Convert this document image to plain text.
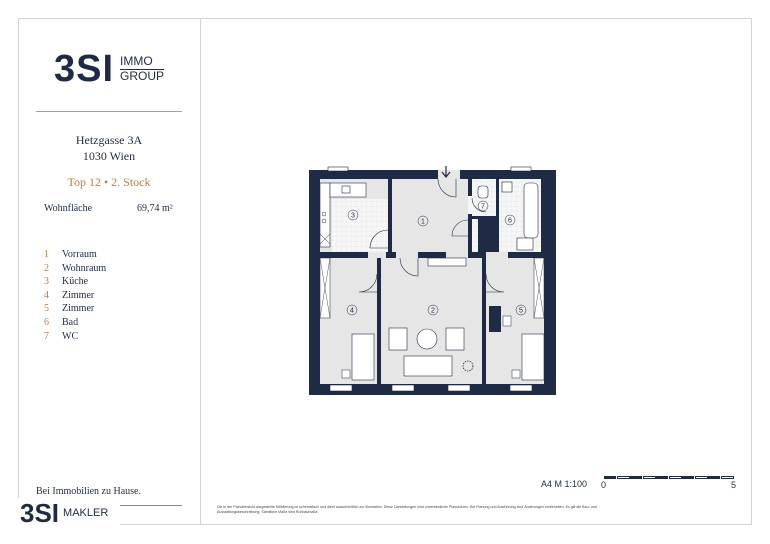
3SI IMMO
GROUP
Hetzgasse 3A
1030 Wien
Top 12 • 2. Stock
Wohnfläche	69,74 m²
1	Vorraum
2	Wohnraum
3	Küche
4	Zimmer
5	Zimmer
6	Bad
7	WC
Bei Immobilien zu Hause.
3SI MAKLER
1
2
3
4	5
6
7
A4 M 1:100 0	5
Die in der Planübersicht dargestellte Möblierung ist schematisch und dient ausschließlich zur Illustration. Diese Darstellungen sind unverbindliche Planskizzen. Bei Planung und Ausführung sind Änderungen vorbehalten. Es gilt die Bau- und Ausstattungsbeschreibung. Sämtliche Maße sind Rohbaumaße.
